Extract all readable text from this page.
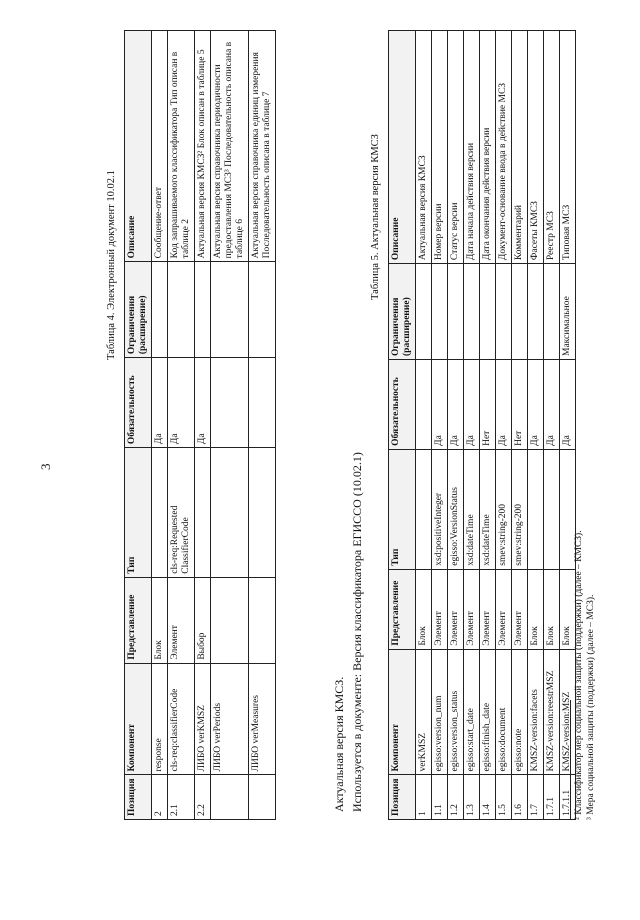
3
Таблица 4. Электронный документ 10.02.1
Позиция	Компонент	Представление	Тип	Обязательность	Ограничения (расширение)	Описание
2	response	Блок		Да		Сообщение-ответ
2.1	cls-req:classifierCode	Элемент	cls-req:Requested ClassifierCode	Да		Код запрашиваемого классификатора Тип описан в таблице 2
2.2	ЛИБО verKMSZ	Выбор		Да		Актуальная версия КМСЗ² Блок описан в таблице 5
	ЛИБО verPeriods					Актуальная версия справочника периодичности предоставления МСЗ³ Последовательность описана в таблице 6
	ЛИБО verMeasures					Актуальная версия справочника единиц измерения Последовательность описана в таблице 7
Актуальная версия КМСЗ. Используется в документе: Версия классификатора ЕГИССО (10.02.1)
Таблица 5. Актуальная версия КМСЗ
Позиция	Компонент	Представление	Тип	Обязательность	Ограничения (расширение)	Описание
1	verKMSZ	Блок				Актуальная версия КМСЗ
1.1	egisso:version_num	Элемент	xsd:positiveInteger	Да		Номер версии
1.2	egisso:version_status	Элемент	egisso:VersionStatus	Да		Статус версии
1.3	egisso:start_date	Элемент	xsd:dateTime	Да		Дата начала действия версии
1.4	egisso:finish_date	Элемент	xsd:dateTime	Нет		Дата окончания действия версии
1.5	egisso:document	Элемент	smev:string-200	Да		Документ-основание ввода в действие МСЗ
1.6	egisso:note	Элемент	smev:string-200	Нет		Комментарий
1.7	KMSZ-version:facets	Блок		Да		Фасеты КМСЗ
1.7.1	KMSZ-version:reestrMSZ	Блок		Да		Реестр МСЗ
1.7.1.1	KMSZ-version:MSZ	Блок		Да	Максимальное	Типовая МСЗ
² Классификатор мер социальной защиты (поддержки) (далее – КМСЗ). ³ Мера социальной защиты (поддержки) (далее – МСЗ).
